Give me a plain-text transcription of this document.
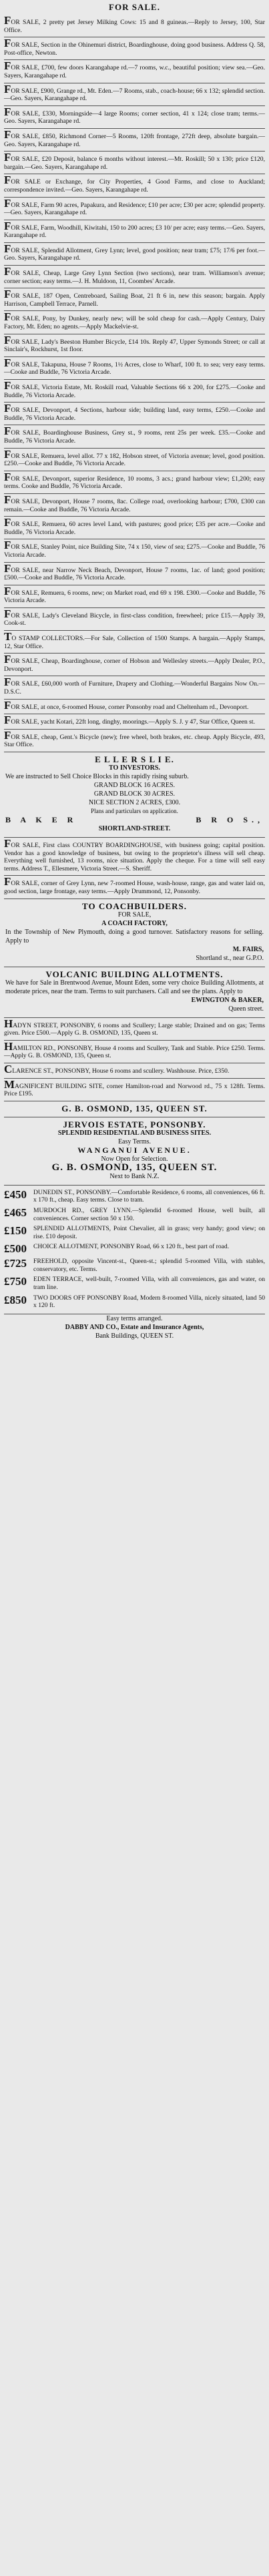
FOR SALE.

FOR SALE, 2 pretty pet Jersey Milking Cows: 15 and 8 guineas.—Reply to Jersey, 100, Star Office.

FOR SALE, Section in the Ohinemuri district, Boardinghouse, doing good business. Address Q. 58, Post-office, Newton.

FOR SALE, £700, few doors Karangahape rd.—7 rooms, w.c., beautiful position; view sea.—Geo. Sayers, Karangahape rd.

FOR SALE, £900, Grange rd., Mt. Eden.—7 Rooms, stab., coach-house; 66 x 132; splendid section.—Geo. Sayers, Karangahape rd.

FOR SALE, £330, Morningside—4 large Rooms; corner section, 41 x 124; close tram; terms.—Geo. Sayers, Karangahape rd.

FOR SALE, £850, Richmond Corner—5 Rooms, 120ft frontage, 272ft deep, absolute bargain.—Geo. Sayers, Karangahape rd.

FOR SALE, £20 Deposit, balance 6 months without interest.—Mt. Roskill; 50 x 130; price £120, bargain.—Geo. Sayers, Karangahape rd.

FOR SALE or Exchange, for City Properties, 4 Good Farms, and close to Auckland; correspondence invited.—Geo. Sayers, Karangahape rd.

FOR SALE, Farm 90 acres, Papakura, and Residence; £10 per acre; £30 per acre; splendid property.—Geo. Sayers, Karangahape rd.

FOR SALE, Farm, Woodhill, Kiwitahi, 150 to 200 acres; £3 10/ per acre; easy terms.—Geo. Sayers, Karangahape rd.

FOR SALE, Splendid Allotment, Grey Lynn; level, good position; near tram; £75; 17/6 per foot.—Geo. Sayers, Karangahape rd.

FOR SALE, Cheap, Large Grey Lynn Section (two sections), near tram. Williamson's avenue; corner section; easy terms.—J. H. Muldoon, 11, Coombes' Arcade.

FOR SALE, 187 Open, Centreboard, Sailing Boat, 21 ft 6 in, new this season; bargain. Apply Harrison, Campbell Terrace, Parnell.

FOR SALE, Pony, by Dunkey, nearly new; will be sold cheap for cash.—Apply Century, Dairy Factory, Mt. Eden; no agents.—Apply Mackelvie-st.

FOR SALE, Lady's Beeston Humber Bicycle, £14 10s. Reply 47, Upper Symonds Street; or call at Sinclair's, Rockhurst, 1st floor.

FOR SALE, Takapuna, House 7 Rooms, 1½ Acres, close to Wharf, 100 ft. to sea; very easy terms.—Cooke and Buddle, 76 Victoria Arcade.

FOR SALE, Victoria Estate, Mt. Roskill road, Valuable Sections 66 x 200, for £275.—Cooke and Buddle, 76 Victoria Arcade.

FOR SALE, Devonport, 4 Sections, harbour side; building land, easy terms, £250.—Cooke and Buddle, 76 Victoria Arcade.

FOR SALE, Boardinghouse Business, Grey st., 9 rooms, rent 25s per week. £35.—Cooke and Buddle, 76 Victoria Arcade.

FOR SALE, Remuera, level allot. 77 x 182, Hobson street, of Victoria avenue; level, good position. £250.—Cooke and Buddle, 76 Victoria Arcade.

FOR SALE, Devonport, superior Residence, 10 rooms, 3 acs.; grand harbour view; £1,200; easy terms. Cooke and Buddle, 76 Victoria Arcade.

FOR SALE, Devonport, House 7 rooms, 8ac. College road, overlooking harbour; £700, £300 can remain.—Cooke and Buddle, 76 Victoria Arcade.

FOR SALE, Remuera, 60 acres level Land, with pastures; good price; £35 per acre.—Cooke and Buddle, 76 Victoria Arcade.

FOR SALE, Stanley Point, nice Building Site, 74 x 150, view of sea; £275.—Cooke and Buddle, 76 Victoria Arcade.

FOR SALE, near Narrow Neck Beach, Devonport, House 7 rooms, 1ac. of land; good position; £500.—Cooke and Buddle, 76 Victoria Arcade.

FOR SALE, Remuera, 6 rooms, new; on Market road, end 69 x 198. £300.—Cooke and Buddle, 76 Victoria Arcade.

FOR SALE, Lady's Cleveland Bicycle, in first-class condition, freewheel; price £15.—Apply 39, Cook-st.

TO STAMP COLLECTORS.—For Sale, Collection of 1500 Stamps. A bargain.—Apply Stamps, 12, Star Office.

FOR SALE, Cheap, Boardinghouse, corner of Hobson and Wellesley streets.—Apply Dealer, P.O., Devonport.

FOR SALE, £60,000 worth of Furniture, Drapery and Clothing.—Wonderful Bargains Now On.—D.S.C.

FOR SALE, at once, 6-roomed House, corner Ponsonby road and Cheltenham rd., Devonport.

FOR SALE, yacht Kotari, 22ft long, dinghy, moorings.—Apply S. J. y 47, Star Office, Queen st.

FOR SALE, cheap, Gent.'s Bicycle (new); free wheel, both brakes, etc. cheap. Apply Bicycle, 493, Star Office.

E L L E R S L I E.
TO INVESTORS.
We are instructed to Sell Choice Blocks in this rapidly rising suburb.
GRAND BLOCK 16 ACRES.
GRAND BLOCK 30 ACRES.
NICE SECTION 2 ACRES, £300.
Plans and particulars on application.
B A K E R	B R O S.,
SHORTLAND-STREET.

FOR SALE, First class COUNTRY BOARDINGHOUSE, with business going; capital position. Vendor has a good knowledge of business, but owing to the proprietor's illness will sell cheap. Everything well furnished, 13 rooms, nice situation. Apply the cheque. For a time will sell easy terms. Address T., Ellesmere, Victoria Street.—S. Sheriff.

FOR SALE, corner of Grey Lynn, new 7-roomed House, wash-house, range, gas and water laid on, good section, large frontage, easy terms.—Apply Drummond, 12, Ponsonby.

TO COACHBUILDERS.
FOR SALE,
A COACH FACTORY,
In the Township of New Plymouth, doing a good turnover. Satisfactory reasons for selling. Apply to
M. FAIRS,
Shortland st., near G.P.O.
VOLCANIC BUILDING ALLOTMENTS.
We have for Sale in Brentwood Avenue, Mount Eden, some very choice Building Allotments, at moderate prices, near the tram. Terms to suit purchasers. Call and see the plans. Apply to
EWINGTON & BAKER,
Queen street.

HADYN STREET, PONSONBY, 6 rooms and Scullery; Large stable; Drained and on gas; Terms given. Price £500.—Apply G. B. OSMOND, 135, Queen st.

HAMILTON RD., PONSONBY, House 4 rooms and Scullery, Tank and Stable. Price £250. Terms.—Apply G. B. OSMOND, 135, Queen st.

CLARENCE ST., PONSONBY, House 6 rooms and scullery. Washhouse. Price, £350.

MAGNIFICENT BUILDING SITE, corner Hamilton-road and Norwood rd., 75 x 128ft. Terms. Price £195.

G. B. OSMOND, 135, QUEEN ST.
JERVOIS ESTATE, PONSONBY.
SPLENDID RESIDENTIAL AND BUSINESS SITES.
Easy Terms.
WANGANUI AVENUE.
Now Open for Selection.
G. B. OSMOND, 135, QUEEN ST.
Next to Bank N.Z.
£450	DUNEDIN ST., PONSONBY.—Comfortable Residence, 6 rooms, all conveniences, 66 ft. x 170 ft., cheap. Easy terms. Close to tram.
£465	MURDOCH RD., GREY LYNN.—Splendid 6-roomed House, well built, all conveniences. Corner section 50 x 150.
£150	SPLENDID ALLOTMENTS, Point Chevalier, all in grass; very handy; good view; on rise. £10 deposit.
£500	CHOICE ALLOTMENT, PONSONBY Road, 66 x 120 ft., best part of road.
£725	FREEHOLD, opposite Vincent-st., Queen-st.; splendid 5-roomed Villa, with stables, conservatory, etc. Terms.
£750	EDEN TERRACE, well-built, 7-roomed Villa, with all conveniences, gas and water, on tram line.
£850	TWO DOORS OFF PONSONBY Road, Modern 8-roomed Villa, nicely situated, land 50 x 120 ft.
Easy terms arranged.
DABBY AND CO., Estate and Insurance Agents,
Bank Buildings, QUEEN ST.
